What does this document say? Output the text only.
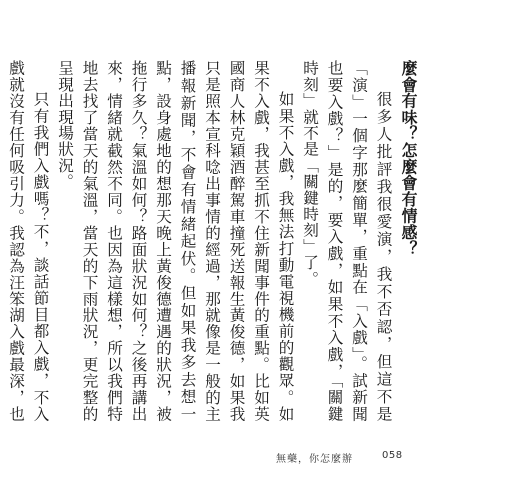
麼會有味？怎麼會有情感？

很多人批評我很愛演，我不否認，但這不是「演」一個字那麼簡單，重點在「入戲」。試新聞也要入戲？」是的，要入戲，如果不入戲，「關鍵時刻」就不是「關鍵時刻」了。

如果不入戲，我無法打動電視機前的觀眾。如果不入戲，我甚至抓不住新聞事件的重點。比如英國商人林克穎酒醉駕車撞死送報生黃俊德，如果我只是照本宣科唸出事情的經過，那就像是一般的主播報新聞，不會有情緒起伏。但如果我多去想一點，設身處地的想那天晚上黃俊德遭遇的狀況，被拖行多久？氣溫如何？路面狀況如何？之後再講出來，情緒就截然不同。也因為這樣想，所以我們特地去找了當天的氣溫，當天的下雨狀況，更完整的呈現出現場狀況。

只有我們入戲嗎？不，談話節目都入戲，不入戲就沒有任何吸引力。我認為汪笨湖入戲最深，也

無藥，你怎麼辦	058
